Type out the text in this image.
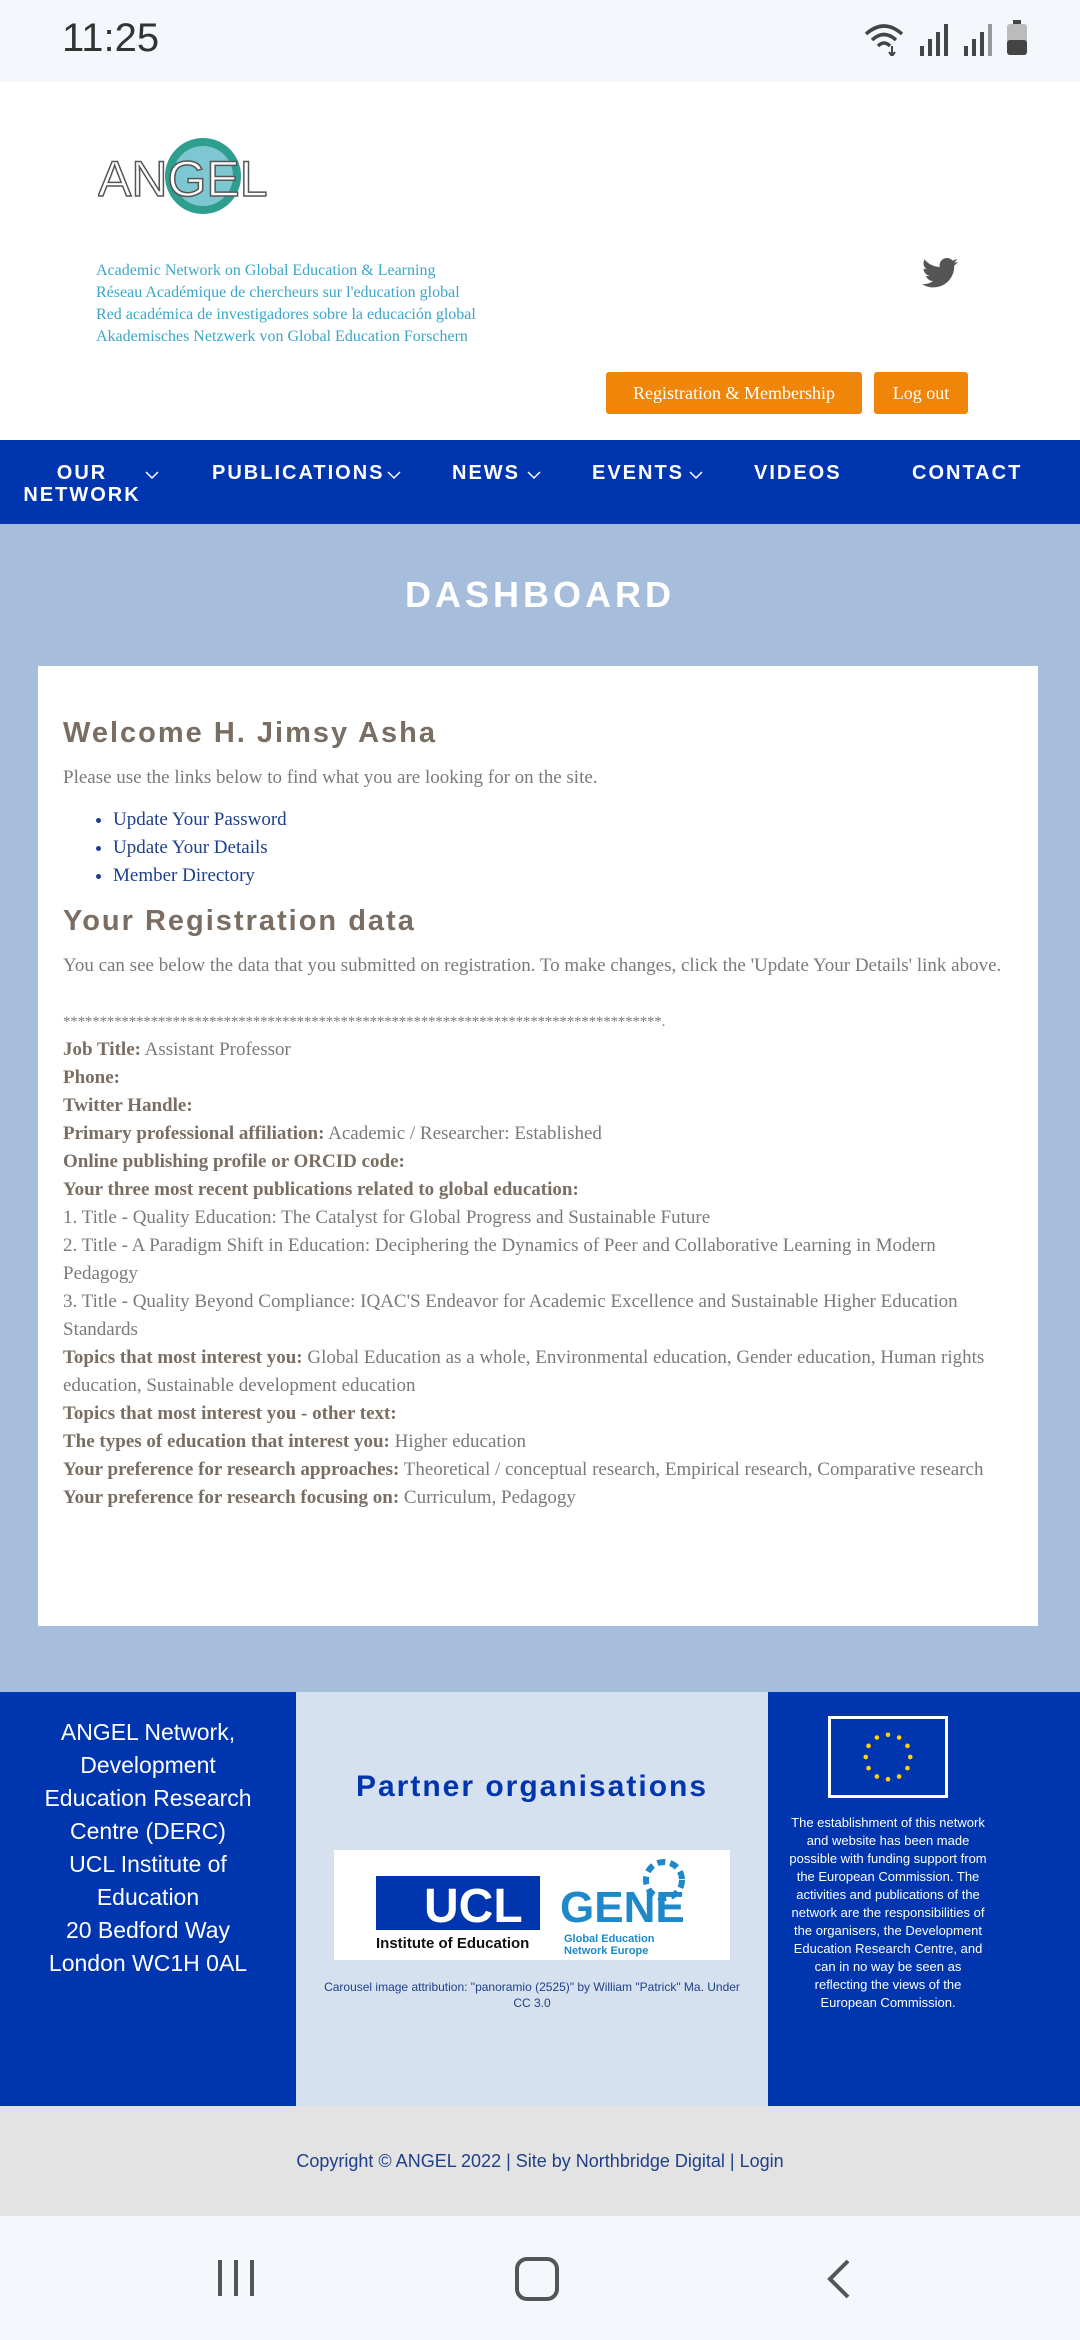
11:25
ANGEL
Academic Network on Global Education & Learning
Réseau Académique de chercheurs sur l'education global
Red académica de investigadores sobre la educación global
Akademisches Netzwerk von Global Education Forschern
Registration & Membership	Log out
OUR NETWORK
PUBLICATIONS	NEWS	EVENTS	VIDEOS	CONTACT
DASHBOARD
Welcome H. Jimsy Asha

Please use the links below to find what you are looking for on the site.

• Update Your Password
• Update Your Details
• Member Directory
Your Registration data

You can see below the data that you submitted on registration. To make changes, click the 'Update Your Details' link above.

**********************************************************************************.
Job Title: Assistant Professor
Phone:
Twitter Handle:
Primary professional affiliation: Academic / Researcher: Established
Online publishing profile or ORCID code:
Your three most recent publications related to global education:
1. Title - Quality Education: The Catalyst for Global Progress and Sustainable Future
2. Title - A Paradigm Shift in Education: Deciphering the Dynamics of Peer and Collaborative Learning in Modern Pedagogy
3. Title - Quality Beyond Compliance: IQAC'S Endeavor for Academic Excellence and Sustainable Higher Education Standards
Topics that most interest you: Global Education as a whole, Environmental education, Gender education, Human rights education, Sustainable development education
Topics that most interest you - other text:
The types of education that interest you: Higher education
Your preference for research approaches: Theoretical / conceptual research, Empirical research, Comparative research
Your preference for research focusing on: Curriculum, Pedagogy
ANGEL Network,
Development
Education Research
Centre (DERC)
UCL Institute of
Education
20 Bedford Way
London WC1H 0AL
Partner organisations
UCL
Institute of Education
GENE
Global Education
Network Europe
Carousel image attribution: "panoramio (2525)" by William "Patrick" Ma. Under CC 3.0
The establishment of this network and website has been made possible with funding support from the European Commission. The activities and publications of the network are the responsibilities of the organisers, the Development Education Research Centre, and can in no way be seen as reflecting the views of the European Commission.
Copyright © ANGEL 2022 | Site by Northbridge Digital | Login
